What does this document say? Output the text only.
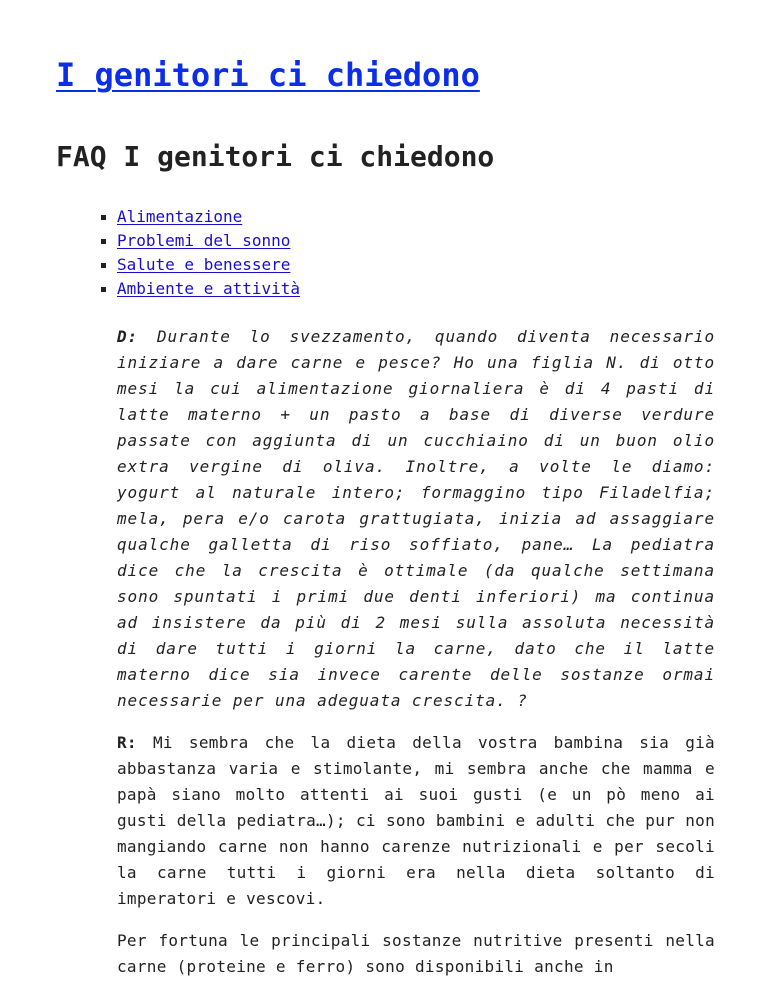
I genitori ci chiedono
FAQ I genitori ci chiedono
Alimentazione
Problemi del sonno
Salute e benessere
Ambiente e attività

D: Durante lo svezzamento, quando diventa necessario iniziare a dare carne e pesce? Ho una figlia N. di otto mesi la cui alimentazione giornaliera è di 4 pasti di latte materno + un pasto a base di diverse verdure passate con aggiunta di un cucchiaino di un buon olio extra vergine di oliva. Inoltre, a volte le diamo: yogurt al naturale intero; formaggino tipo Filadelfia; mela, pera e/o carota grattugiata, inizia ad assaggiare qualche galletta di riso soffiato, pane… La pediatra dice che la crescita è ottimale (da qualche settimana sono spuntati i primi due denti inferiori) ma continua ad insistere da più di 2 mesi sulla assoluta necessità di dare tutti i giorni la carne, dato che il latte materno dice sia invece carente delle sostanze ormai necessarie per una adeguata crescita. ?

R: Mi sembra che la dieta della vostra bambina sia già abbastanza varia e stimolante, mi sembra anche che mamma e papà siano molto attenti ai suoi gusti (e un pò meno ai gusti della pediatra…); ci sono bambini e adulti che pur non mangiando carne non hanno carenze nutrizionali e per secoli la carne tutti i giorni era nella dieta soltanto di imperatori e vescovi.

Per fortuna le principali sostanze nutritive presenti nella carne (proteine e ferro) sono disponibili anche in
